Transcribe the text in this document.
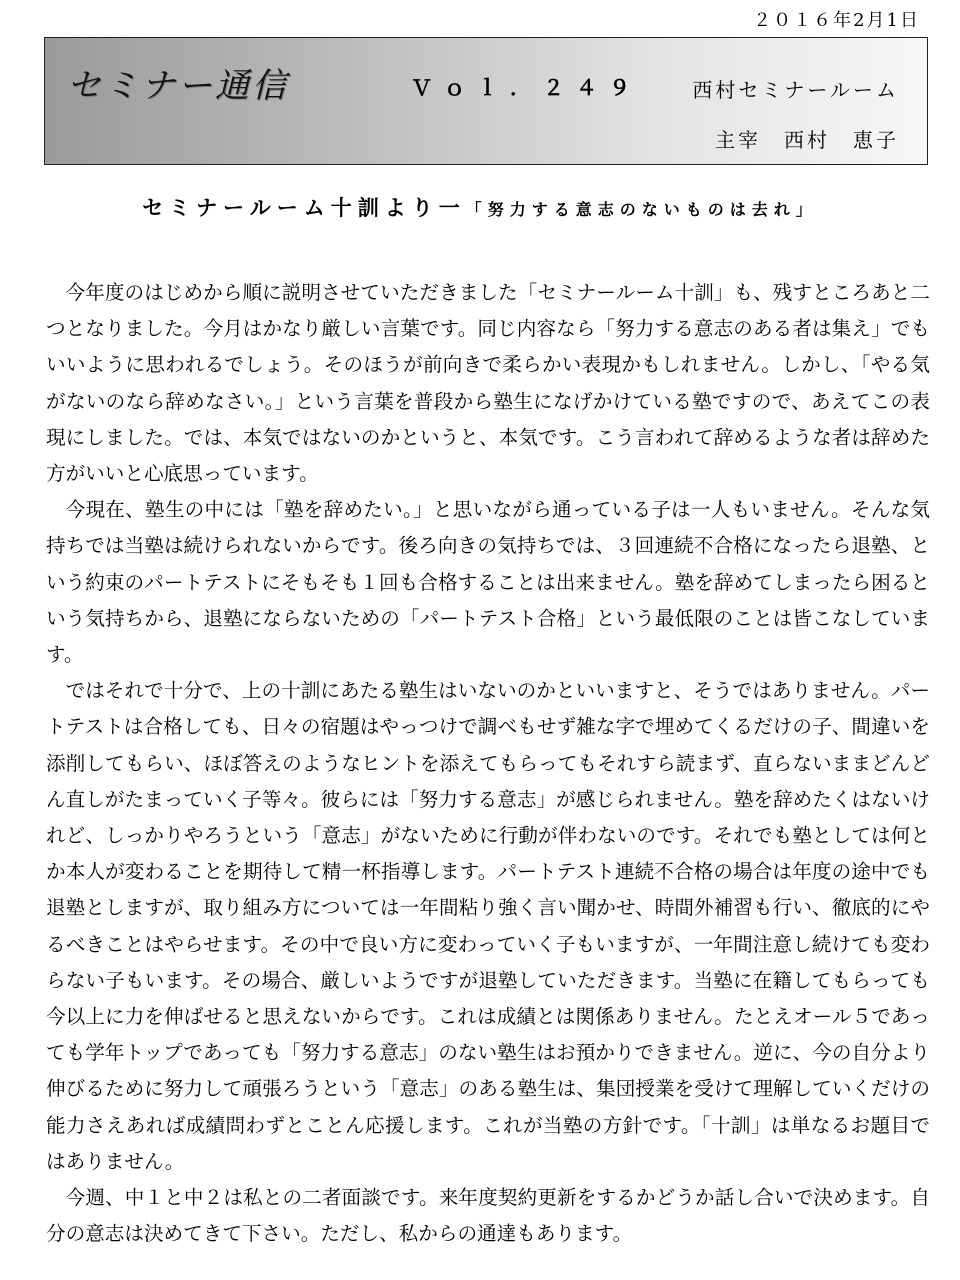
２０１６年2月1日
セミナー通信	Ｖｏｌ．２４９	西村セミナールーム
主宰　西村　恵子
セミナールーム十訓より一「努力する意志のないものは去れ」

今年度のはじめから順に説明させていただきました「セミナールーム十訓」も、残すところあと二つとなりました。今月はかなり厳しい言葉です。同じ内容なら「努力する意志のある者は集え」でもいいように思われるでしょう。そのほうが前向きで柔らかい表現かもしれません。しかし、「やる気がないのなら辞めなさい。」という言葉を普段から塾生になげかけている塾ですので、あえてこの表現にしました。では、本気ではないのかというと、本気です。こう言われて辞めるような者は辞めた方がいいと心底思っています。

今現在、塾生の中には「塾を辞めたい。」と思いながら通っている子は一人もいません。そんな気持ちでは当塾は続けられないからです。後ろ向きの気持ちでは、３回連続不合格になったら退塾、という約束のパートテストにそもそも１回も合格することは出来ません。塾を辞めてしまったら困るという気持ちから、退塾にならないための「パートテスト合格」という最低限のことは皆こなしています。

ではそれで十分で、上の十訓にあたる塾生はいないのかといいますと、そうではありません。パートテストは合格しても、日々の宿題はやっつけで調べもせず雑な字で埋めてくるだけの子、間違いを添削してもらい、ほぼ答えのようなヒントを添えてもらってもそれすら読まず、直らないままどんどん直しがたまっていく子等々。彼らには「努力する意志」が感じられません。塾を辞めたくはないけれど、しっかりやろうという「意志」がないために行動が伴わないのです。それでも塾としては何とか本人が変わることを期待して精一杯指導します。パートテスト連続不合格の場合は年度の途中でも退塾としますが、取り組み方については一年間粘り強く言い聞かせ、時間外補習も行い、徹底的にやるべきことはやらせます。その中で良い方に変わっていく子もいますが、一年間注意し続けても変わらない子もいます。その場合、厳しいようですが退塾していただきます。当塾に在籍してもらっても今以上に力を伸ばせると思えないからです。これは成績とは関係ありません。たとえオール５であっても学年トップであっても「努力する意志」のない塾生はお預かりできません。逆に、今の自分より伸びるために努力して頑張ろうという「意志」のある塾生は、集団授業を受けて理解していくだけの能力さえあれば成績問わずとことん応援します。これが当塾の方針です。「十訓」は単なるお題目ではありません。

今週、中１と中２は私との二者面談です。来年度契約更新をするかどうか話し合いで決めます。自分の意志は決めてきて下さい。ただし、私からの通達もあります。
